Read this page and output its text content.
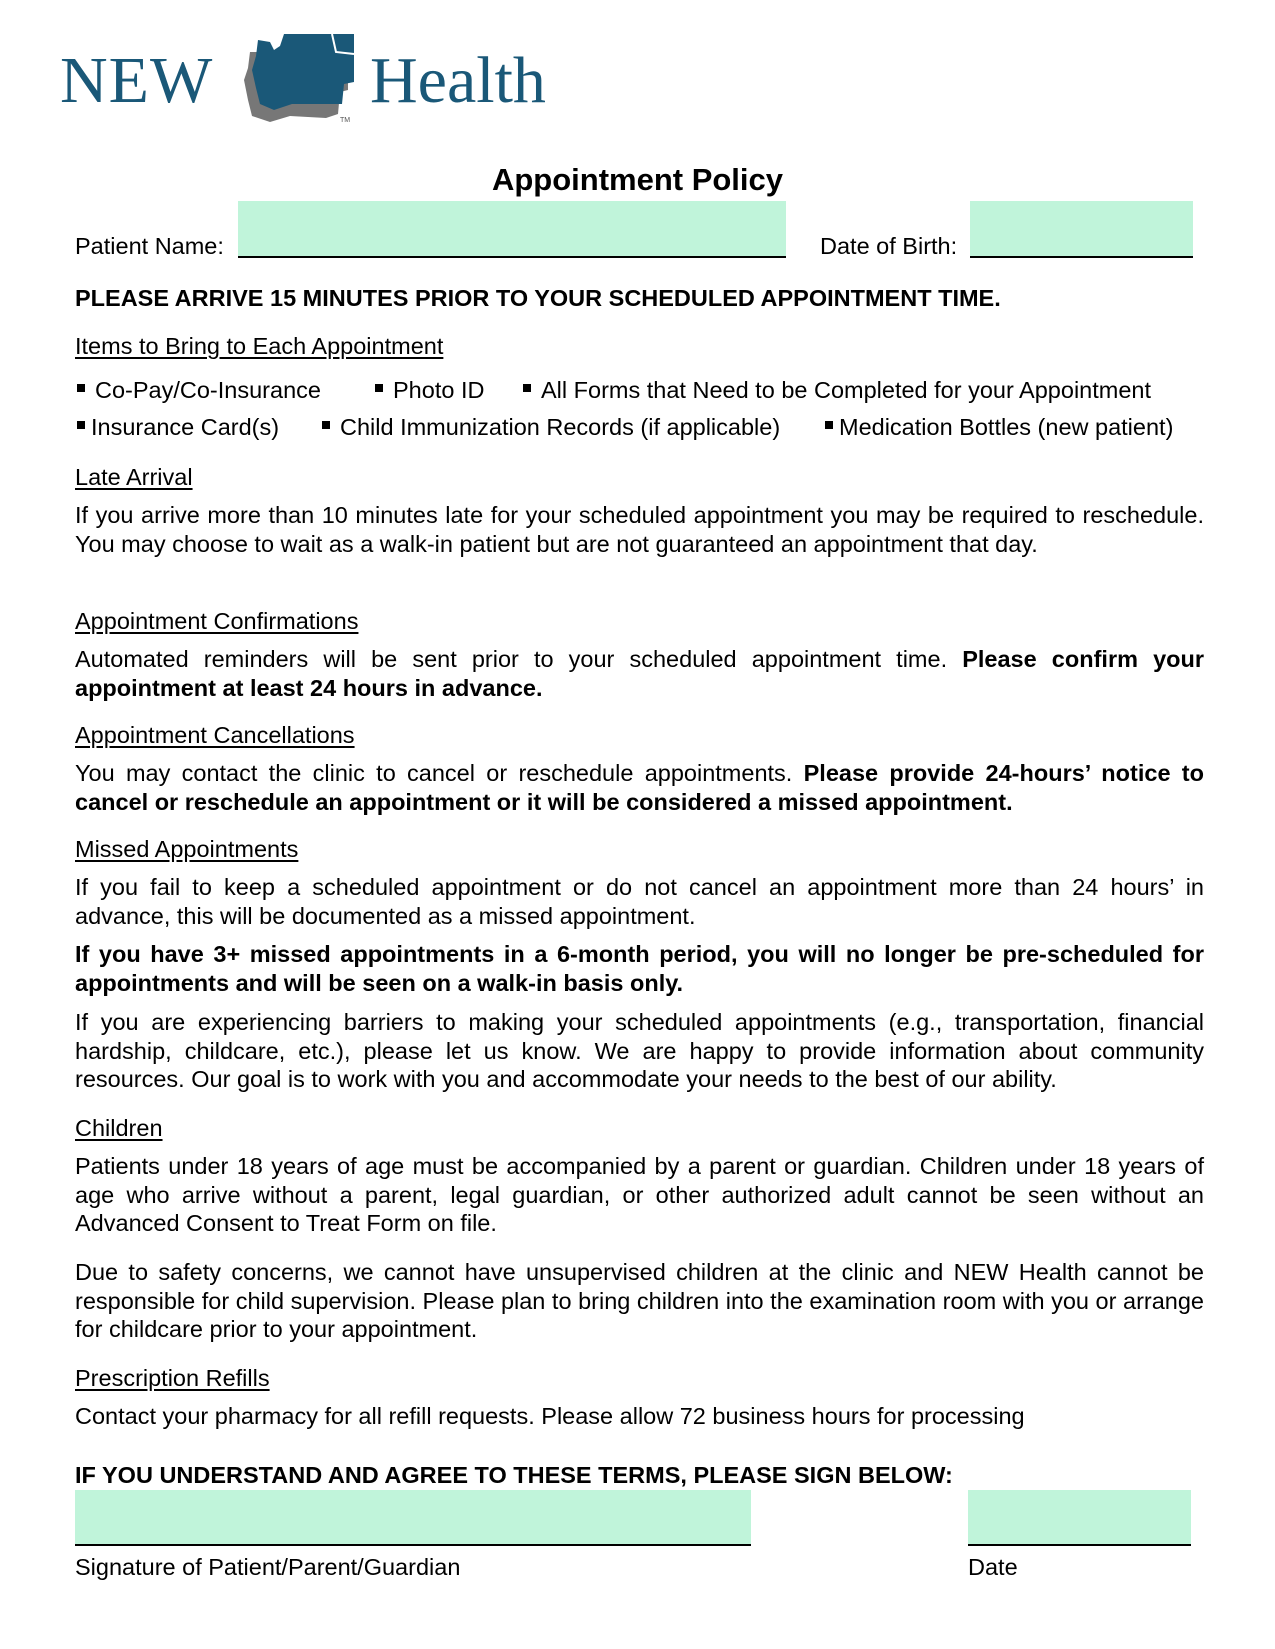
NEW
TM
Health
Appointment Policy
Patient Name:	Date of Birth:
PLEASE ARRIVE 15 MINUTES PRIOR TO YOUR SCHEDULED APPOINTMENT TIME.
Items to Bring to Each Appointment
Co-Pay/Co-Insurance	Photo ID	All Forms that Need to be Completed for your Appointment
Insurance Card(s)	Child Immunization Records (if applicable)	Medication Bottles (new patient)
Late Arrival
If you arrive more than 10 minutes late for your scheduled appointment you may be required to reschedule. You may choose to wait as a walk-in patient but are not guaranteed an appointment that day.
Appointment Confirmations
Automated reminders will be sent prior to your scheduled appointment time. Please confirm your appointment at least 24 hours in advance.
Appointment Cancellations
You may contact the clinic to cancel or reschedule appointments. Please provide 24-hours’ notice to cancel or reschedule an appointment or it will be considered a missed appointment.
Missed Appointments
If you fail to keep a scheduled appointment or do not cancel an appointment more than 24 hours’ in advance, this will be documented as a missed appointment.
If you have 3+ missed appointments in a 6-month period, you will no longer be pre-scheduled for appointments and will be seen on a walk-in basis only.
If you are experiencing barriers to making your scheduled appointments (e.g., transportation, financial hardship, childcare, etc.), please let us know. We are happy to provide information about community resources. Our goal is to work with you and accommodate your needs to the best of our ability.
Children
Patients under 18 years of age must be accompanied by a parent or guardian. Children under 18 years of age who arrive without a parent, legal guardian, or other authorized adult cannot be seen without an Advanced Consent to Treat Form on file.
Due to safety concerns, we cannot have unsupervised children at the clinic and NEW Health cannot be responsible for child supervision. Please plan to bring children into the examination room with you or arrange for childcare prior to your appointment.
Prescription Refills
Contact your pharmacy for all refill requests. Please allow 72 business hours for processing
IF YOU UNDERSTAND AND AGREE TO THESE TERMS, PLEASE SIGN BELOW:
Signature of Patient/Parent/Guardian	Date
